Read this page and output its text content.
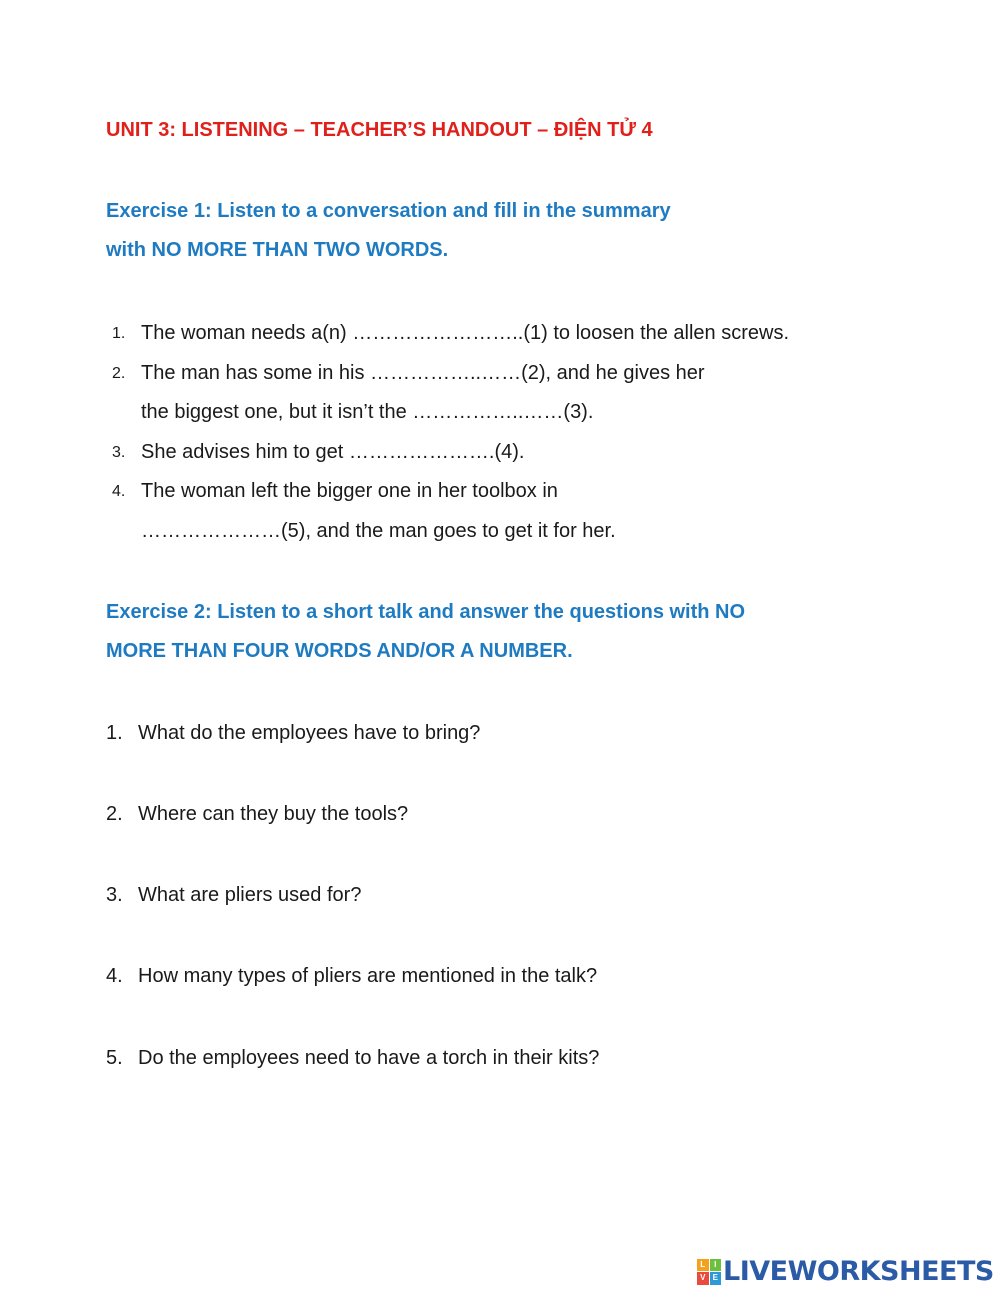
UNIT 3: LISTENING – TEACHER’S HANDOUT – ĐIỆN TỬ 4
Exercise 1: Listen to a conversation and fill in the summary
with NO MORE THAN TWO WORDS.
1. The woman needs a(n) ……………………..(1) to loosen the allen screws.
2. The man has some in his ……………..……(2), and he gives her
the biggest one, but it isn’t the ……………..……(3).
3. She advises him to get ………………….(4).
4. The woman left the bigger one in her toolbox in
…………………(5), and the man goes to get it for her.
Exercise 2: Listen to a short talk and answer the questions with NO
MORE THAN FOUR WORDS AND/OR A NUMBER.
1. What do the employees have to bring?
2. Where can they buy the tools?
3. What are pliers used for?
4. How many types of pliers are mentioned in the talk?
5. Do the employees need to have a torch in their kits?
L	I
V E LIVEWORKSHEETS
